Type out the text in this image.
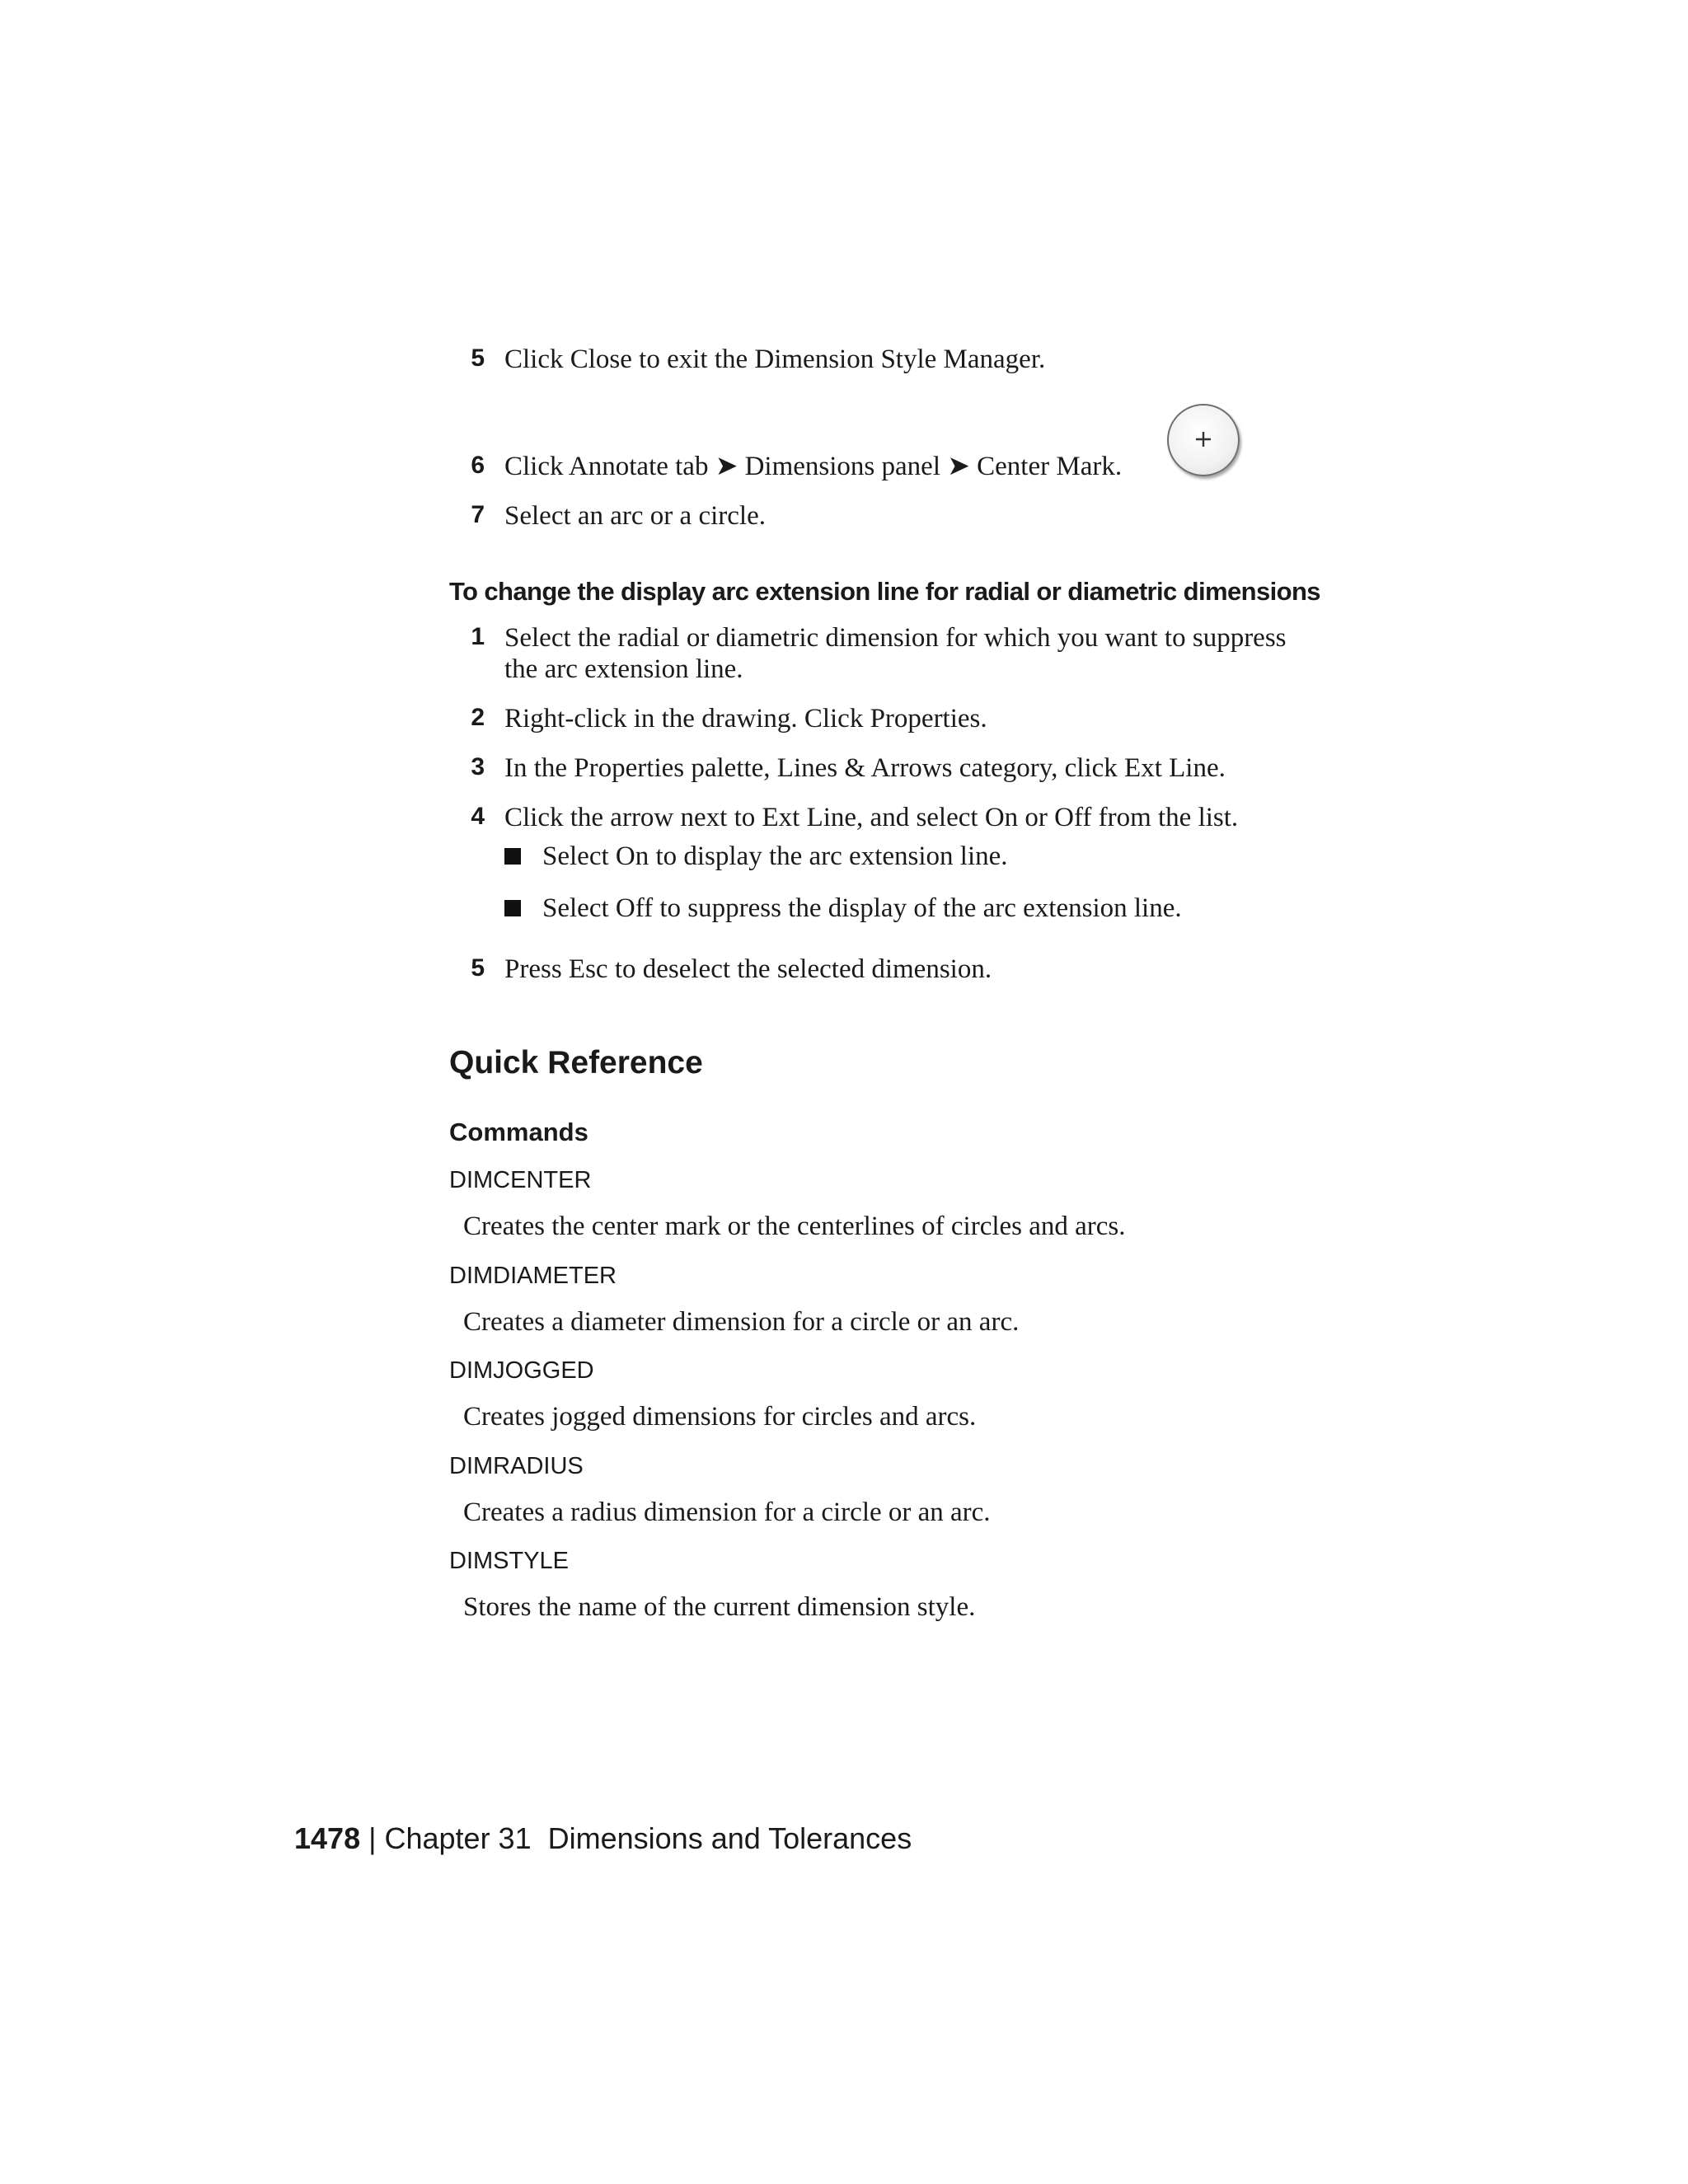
5 Click Close to exit the Dimension Style Manager.
6 Click Annotate tab ➤ Dimensions panel ➤ Center Mark.
7 Select an arc or a circle.
To change the display arc extension line for radial or diametric dimensions
1 Select the radial or diametric dimension for which you want to suppress
the arc extension line.
2 Right-click in the drawing. Click Properties.
3 In the Properties palette, Lines & Arrows category, click Ext Line.
4 Click the arrow next to Ext Line, and select On or Off from the list.
Select On to display the arc extension line.
Select Off to suppress the display of the arc extension line.
5 Press Esc to deselect the selected dimension.
Quick Reference
Commands
DIMCENTER
Creates the center mark or the centerlines of circles and arcs.
DIMDIAMETER
Creates a diameter dimension for a circle or an arc.
DIMJOGGED
Creates jogged dimensions for circles and arcs.
DIMRADIUS
Creates a radius dimension for a circle or an arc.
DIMSTYLE
Stores the name of the current dimension style.
1478 | Chapter 31 Dimensions and Tolerances
